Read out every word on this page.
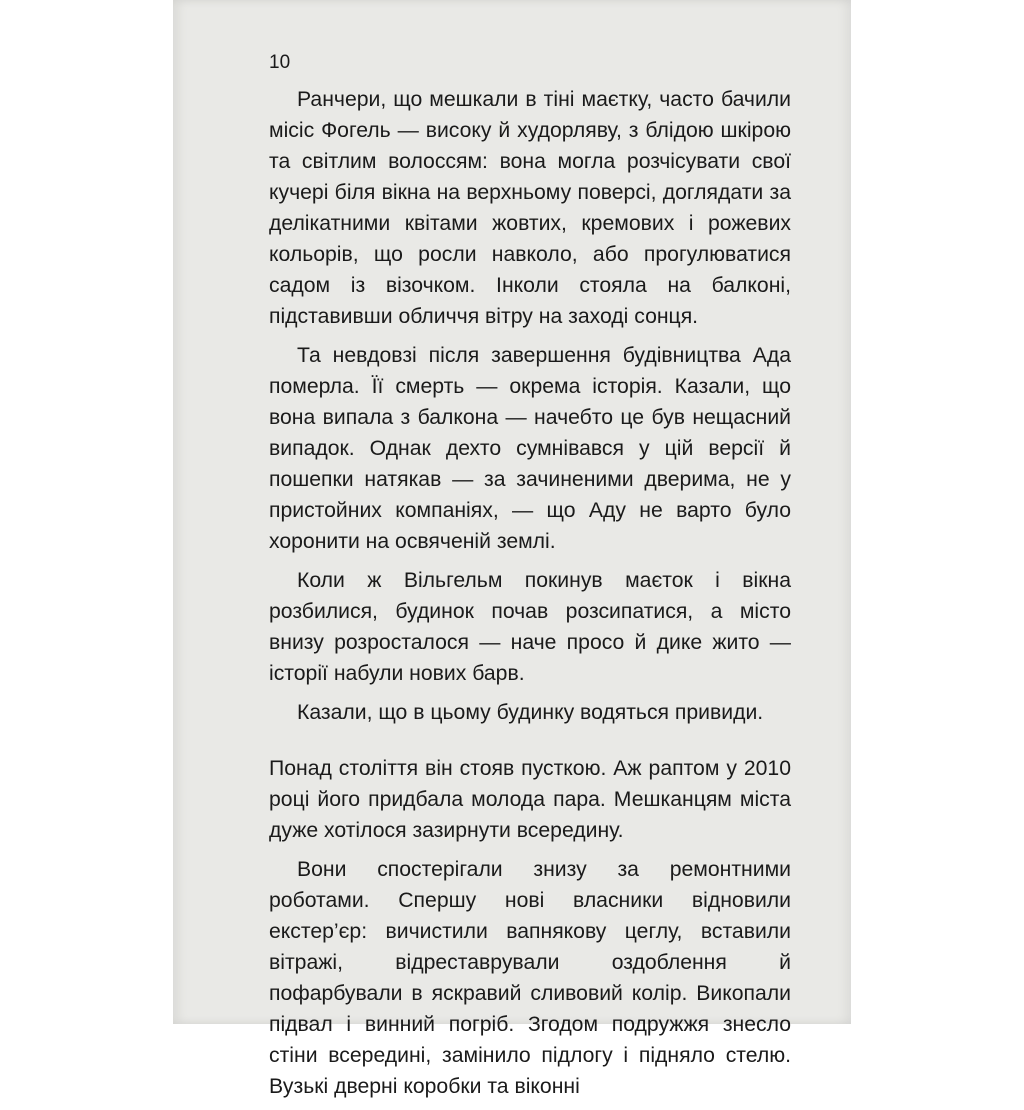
10

Ранчери, що мешкали в тіні маєтку, часто бачили місіс Фогель — високу й худорляву, з блідою шкірою та світлим волоссям: вона могла розчісувати свої кучері біля вікна на верхньому поверсі, доглядати за делікатними квітами жовтих, кремових і рожевих кольорів, що росли навколо, або прогулюватися садом із візочком. Інколи стояла на балконі, підставивши обличчя вітру на заході сонця.

Та невдовзі після завершення будівництва Ада померла. Її смерть — окрема історія. Казали, що вона випала з балкона — начебто це був нещасний випадок. Однак дехто сумнівався у цій версії й пошепки натякав — за зачиненими дверима, не у пристойних компаніях, — що Аду не варто було хоронити на освяченій землі.

Коли ж Вільгельм покинув маєток і вікна розбилися, будинок почав розсипатися, а місто внизу розросталося — наче просо й дике жито — історії набули нових барв.

Казали, що в цьому будинку водяться привиди.

Понад століття він стояв пусткою. Аж раптом у 2010 році його придбала молода пара. Мешканцям міста дуже хотілося зазирнути всередину.

Вони спостерігали знизу за ремонтними роботами. Спершу нові власники відновили екстер’єр: вичистили вапнякову цеглу, вставили вітражі, відреставрували оздоблення й пофарбували в яскравий сливовий колір. Викопали підвал і винний погріб. Згодом подружжя знесло стіни всередині, замінило підлогу і підняло стелю. Вузькі дверні коробки та віконні
